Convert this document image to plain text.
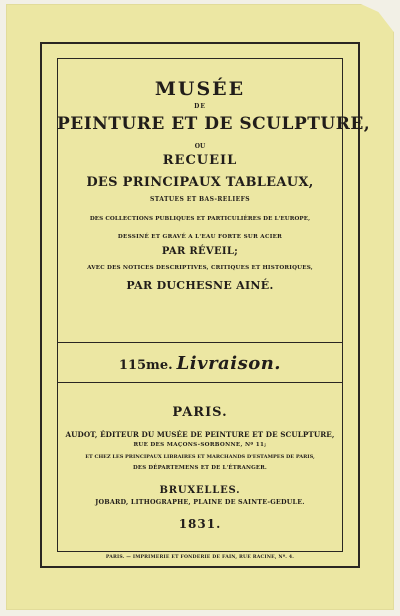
MUSÉE

DE

PEINTURE ET DE SCULPTURE,

OU

RECUEIL

DES PRINCIPAUX TABLEAUX,

STATUES ET BAS-RELIEFS

DES COLLECTIONS PUBLIQUES ET PARTICULIÈRES DE L'EUROPE,

DESSINÉ ET GRAVÉ A L'EAU FORTE SUR ACIER

PAR RÉVEIL;

AVEC DES NOTICES DESCRIPTIVES, CRITIQUES ET HISTORIQUES,

PAR DUCHESNE AINÉ.

115me. Livraison.

PARIS.

AUDOT, ÉDITEUR DU MUSÉE DE PEINTURE ET DE SCULPTURE,

RUE DES MAÇONS-SORBONNE, Nº 11;

ET CHEZ LES PRINCIPAUX LIBRAIRES ET MARCHANDS D'ESTAMPES DE PARIS,

DES DÉPARTEMENS ET DE L'ÉTRANGER.

BRUXELLES.

JOBARD, LITHOGRAPHE, PLAINE DE SAINTE-GEDULE.

1831.

PARIS. — IMPRIMERIE ET FONDERIE DE FAIN, RUE RACINE, Nº. 4.
